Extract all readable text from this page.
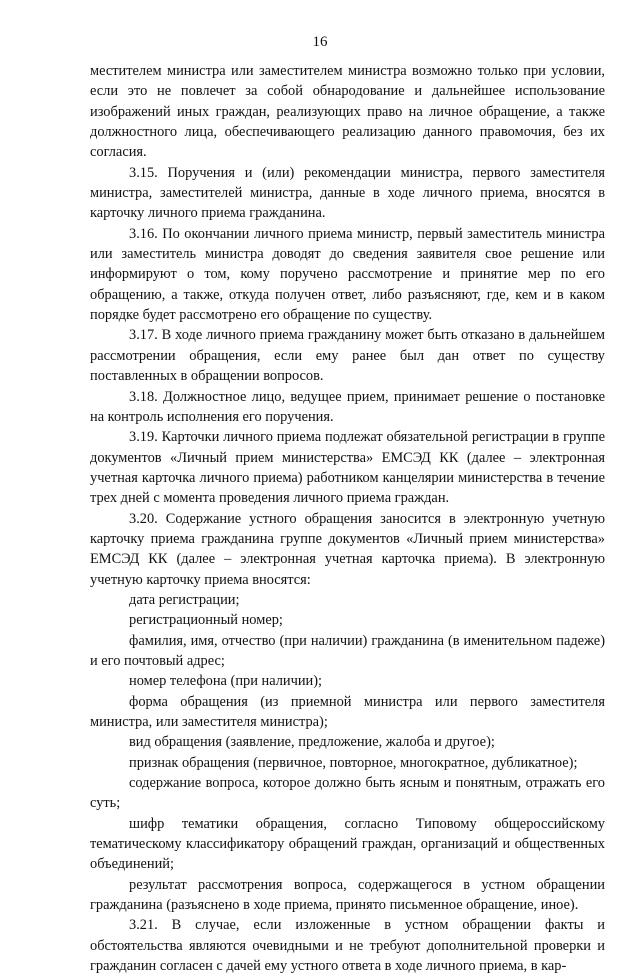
16

местителем министра или заместителем министра возможно только при условии, если это не повлечет за собой обнародование и дальнейшее использование изображений иных граждан, реализующих право на личное обращение, а также должностного лица, обеспечивающего реализацию данного правомочия, без их согласия.

3.15. Поручения и (или) рекомендации министра, первого заместителя министра, заместителей министра, данные в ходе личного приема, вносятся в карточку личного приема гражданина.

3.16. По окончании личного приема министр, первый заместитель министра или заместитель министра доводят до сведения заявителя свое решение или информируют о том, кому поручено рассмотрение и принятие мер по его обращению, а также, откуда получен ответ, либо разъясняют, где, кем и в каком порядке будет рассмотрено его обращение по существу.

3.17. В ходе личного приема гражданину может быть отказано в дальнейшем рассмотрении обращения, если ему ранее был дан ответ по существу поставленных в обращении вопросов.

3.18. Должностное лицо, ведущее прием, принимает решение о постановке на контроль исполнения его поручения.

3.19. Карточки личного приема подлежат обязательной регистрации в группе документов «Личный прием министерства» ЕМСЭД КК (далее – электронная учетная карточка личного приема) работником канцелярии министерства в течение трех дней с момента проведения личного приема граждан.

3.20. Содержание устного обращения заносится в электронную учетную карточку приема гражданина группе документов «Личный прием министерства» ЕМСЭД КК (далее – электронная учетная карточка приема). В электронную учетную карточку приема вносятся:

дата регистрации;

регистрационный номер;

фамилия, имя, отчество (при наличии) гражданина (в именительном падеже) и его почтовый адрес;

номер телефона (при наличии);

форма обращения (из приемной министра или первого заместителя министра, или заместителя министра);

вид обращения (заявление, предложение, жалоба и другое);

признак обращения (первичное, повторное, многократное, дубликатное);

содержание вопроса, которое должно быть ясным и понятным, отражать его суть;

шифр тематики обращения, согласно Типовому общероссийскому тематическому классификатору обращений граждан, организаций и общественных объединений;

результат рассмотрения вопроса, содержащегося в устном обращении гражданина (разъяснено в ходе приема, принято письменное обращение, иное).

3.21. В случае, если изложенные в устном обращении факты и обстоятельства являются очевидными и не требуют дополнительной проверки и гражданин согласен с дачей ему устного ответа в ходе личного приема, в кар-
